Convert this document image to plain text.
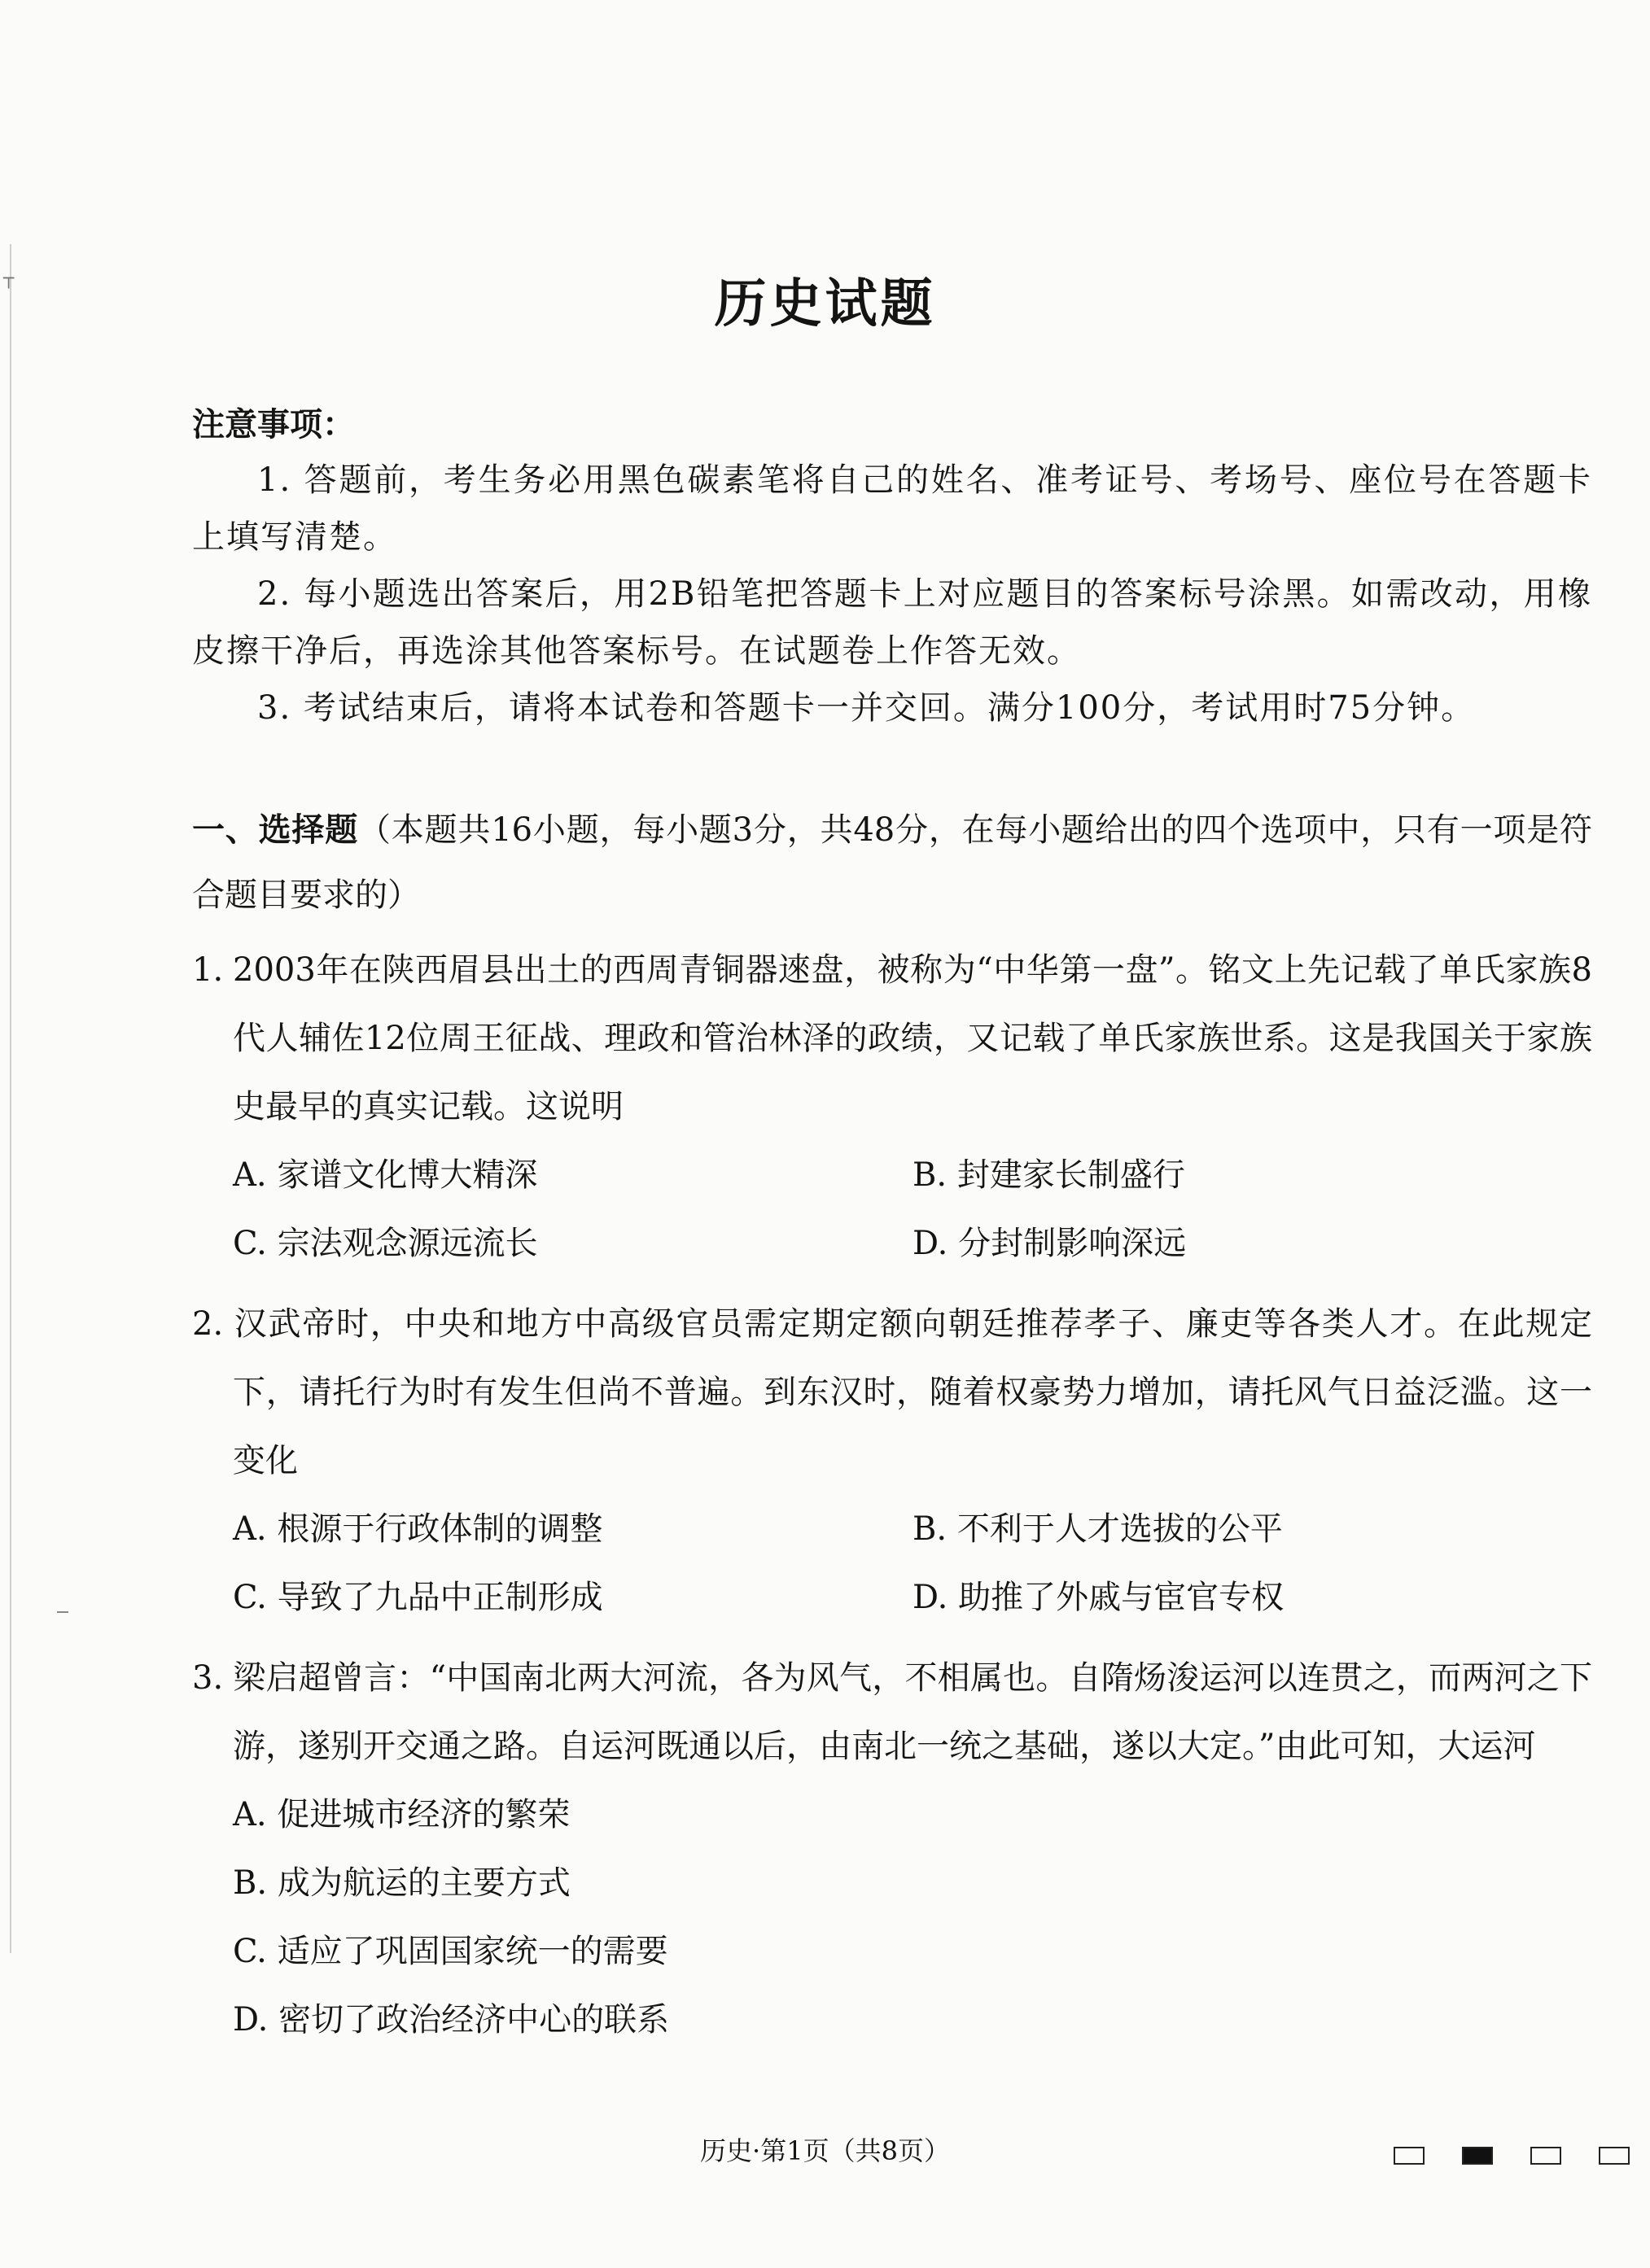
┬	历史试题
注意事项：

1. 答题前，考生务必用黑色碳素笔将自己的姓名、准考证号、考场号、座位号在答题卡上填写清楚。

2. 每小题选出答案后，用2B铅笔把答题卡上对应题目的答案标号涂黑。如需改动，用橡皮擦干净后，再选涂其他答案标号。在试题卷上作答无效。

3. 考试结束后，请将本试卷和答题卡一并交回。满分100分，考试用时75分钟。

一、选择题（本题共16小题，每小题3分，共48分，在每小题给出的四个选项中，只有一项是符合题目要求的）
1. 2003年在陕西眉县出土的西周青铜器逨盘，被称为“中华第一盘”。铭文上先记载了单氏家族8代人辅佐12位周王征战、理政和管治林泽的政绩，又记载了单氏家族世系。这是我国关于家族史最早的真实记载。这说明
A. 家谱文化博大精深	B. 封建家长制盛行
C. 宗法观念源远流长	D. 分封制影响深远
2. 汉武帝时，中央和地方中高级官员需定期定额向朝廷推荐孝子、廉吏等各类人才。在此规定下，请托行为时有发生但尚不普遍。到东汉时，随着权豪势力增加，请托风气日益泛滥。这一变化
A. 根源于行政体制的调整	B. 不利于人才选拔的公平
C. 导致了九品中正制形成	D. 助推了外戚与宦官专权
3. 梁启超曾言：“中国南北两大河流，各为风气，不相属也。自隋炀浚运河以连贯之，而两河之下游，遂别开交通之路。自运河既通以后，由南北一统之基础，遂以大定。”由此可知，大运河
A. 促进城市经济的繁荣
B. 成为航运的主要方式
C. 适应了巩固国家统一的需要
D. 密切了政治经济中心的联系
历史·第1页（共8页）
